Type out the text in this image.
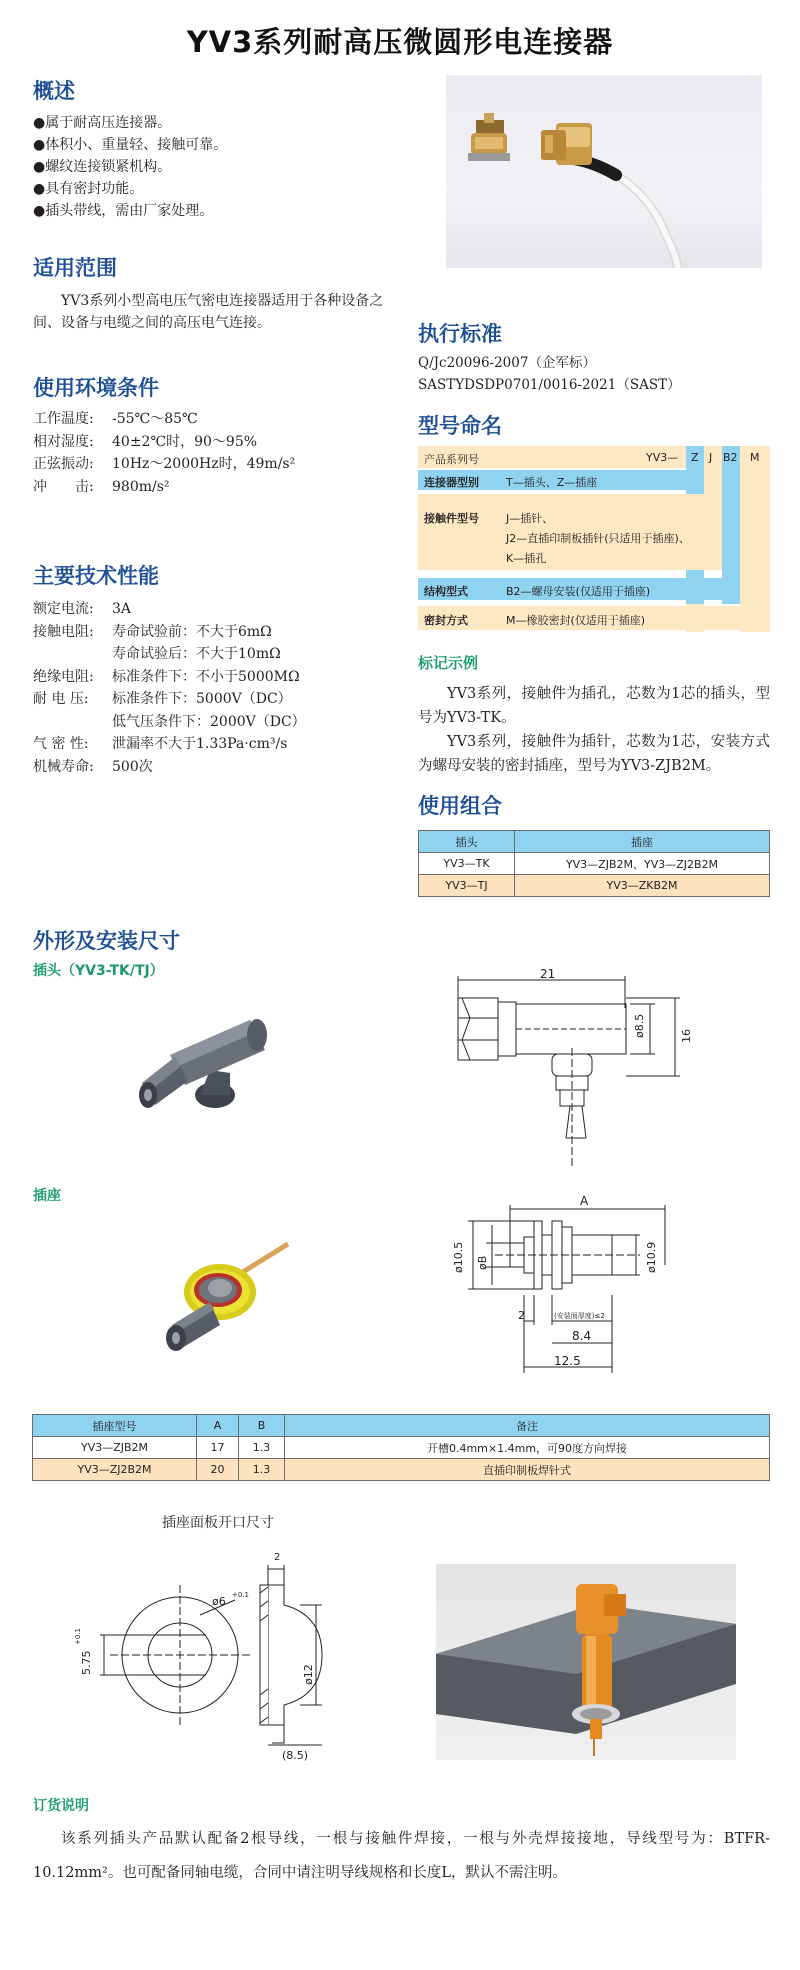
YV3系列耐高压微圆形电连接器
概述
●属于耐高压连接器。
●体积小、重量轻、接触可靠。
●螺纹连接锁紧机构。
●具有密封功能。
●插头带线，需由厂家处理。
适用范围
YV3系列小型高电压气密电连接器适用于各种设备之间、设备与电缆之间的高压电气连接。
使用环境条件
工作温度: -55℃～85℃
相对湿度: 40±2℃时，90～95%
正弦振动: 10Hz～2000Hz时，49m/s²
冲　　击: 980m/s²
主要技术性能
额定电流: 3A
接触电阻: 寿命试验前：不大于6mΩ
寿命试验后：不大于10mΩ
绝缘电阻: 标准条件下：不小于5000MΩ
耐 电 压: 标准条件下：5000V（DC）
低气压条件下：2000V（DC）
气 密 性: 泄漏率不大于1.33Pa·cm³/s
机械寿命: 500次
执行标准
Q/Jc20096-2007（企军标）
SASTYDSDP0701/0016-2021（SAST）
型号命名
产品系列号	YV3— Z J B2 M
连接器型别 T—插头、Z—插座
接触件型号 J—插针、
J2—直插印制板插针(只适用于插座)、
K—插孔
结构型式	B2—螺母安装(仅适用于插座)
密封方式	M—橡胶密封(仅适用于插座)
标记示例
YV3系列，接触件为插孔，芯数为1芯的插头，型号为YV3-TK。
YV3系列，接触件为插针，芯数为1芯，安装方式为螺母安装的密封插座，型号为YV3-ZJB2M。
使用组合
插头	插座
YV3—TK	YV3—ZJB2M、YV3—ZJ2B2M
YV3—TJ	YV3—ZKB2M
外形及安装尺寸
插头（YV3-TK/TJ）	21
ø8.5	16
插座	A
ø10.5 øB	ø10.9
2	(安装面厚度)≤2
8.4
12.5
插座型号	A	B	备注
YV3—ZJB2M	17	1.3	开槽0.4mm×1.4mm，可90度方向焊接
YV3—ZJ2B2M	20	1.3	直插印制板焊针式
插座面板开口尺寸
5.75
+0.1
ø6 +0.1
2
ø12
(8.5)
订货说明
该系列插头产品默认配备2根导线，一根与接触件焊接，一根与外壳焊接接地，导线型号为：BTFR-10.12mm²。也可配备同轴电缆，合同中请注明导线规格和长度L，默认不需注明。
